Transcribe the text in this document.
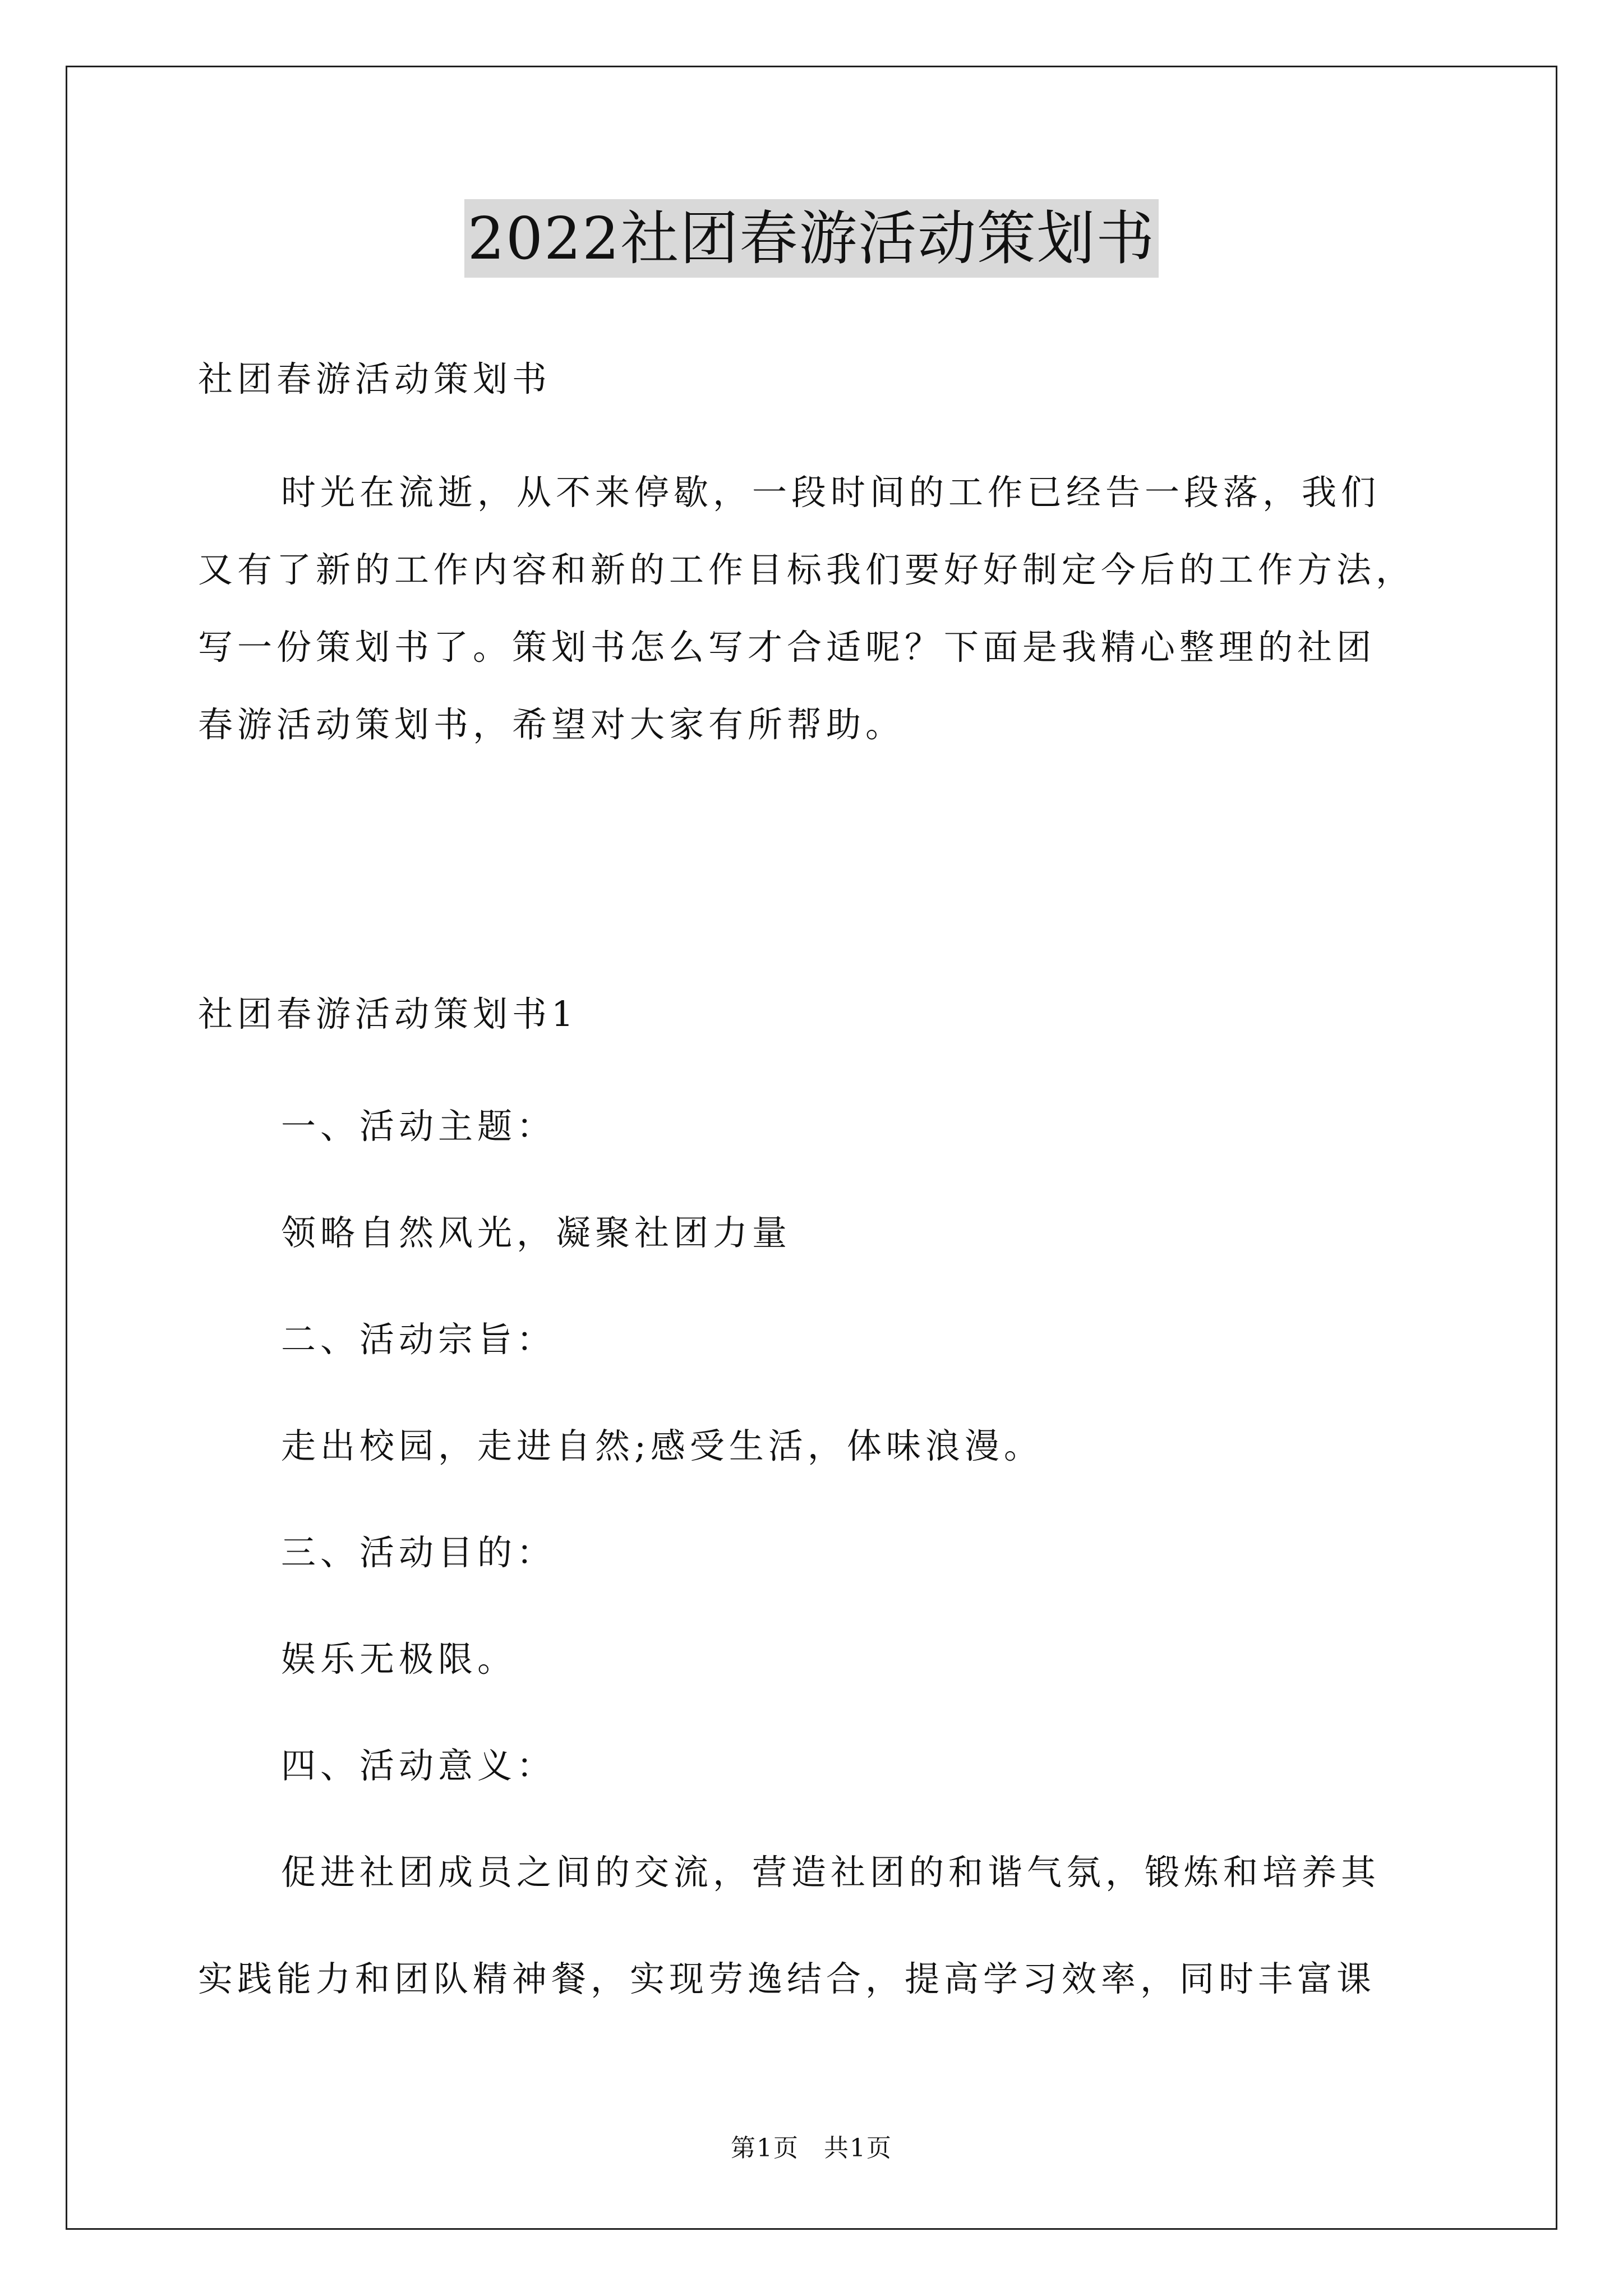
2022社团春游活动策划书
社团春游活动策划书
时光在流逝，从不来停歇，一段时间的工作已经告一段落，我们
又有了新的工作内容和新的工作目标我们要好好制定今后的工作方法，
写一份策划书了。策划书怎么写才合适呢？下面是我精心整理的社团
春游活动策划书，希望对大家有所帮助。
社团春游活动策划书1
一、活动主题：
领略自然风光，凝聚社团力量
二、活动宗旨：
走出校园，走进自然;感受生活，体味浪漫。
三、活动目的：
娱乐无极限。
四、活动意义：
促进社团成员之间的交流，营造社团的和谐气氛，锻炼和培养其
实践能力和团队精神餐，实现劳逸结合，提高学习效率，同时丰富课
第1页 共1页
